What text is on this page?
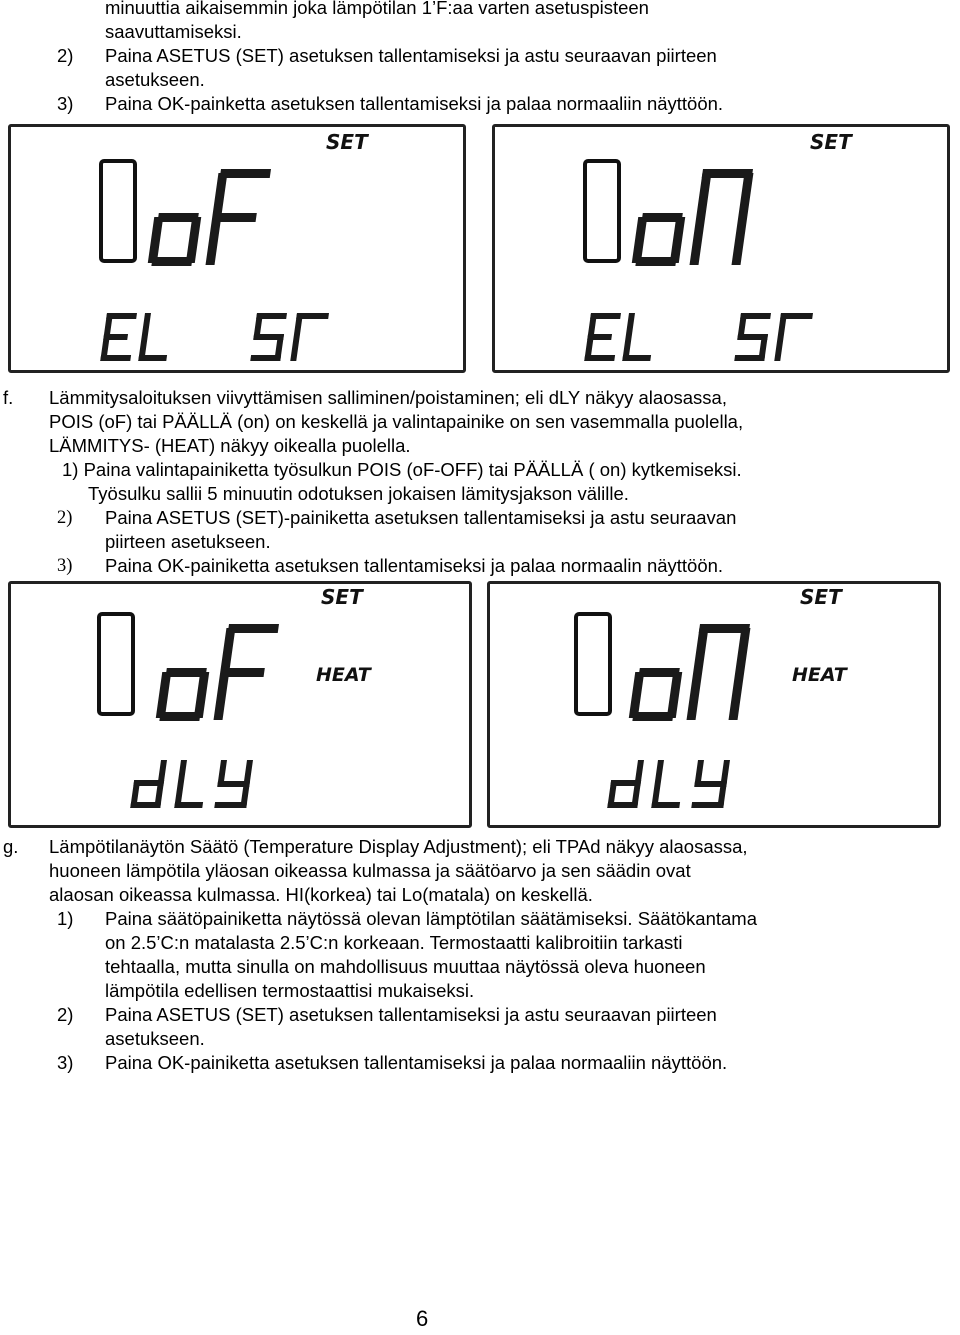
minuuttia aikaisemmin joka lämpötilan 1’F:aa varten asetuspisteen
saavuttamiseksi.
2) Paina ASETUS (SET) asetuksen tallentamiseksi ja astu seuraavan piirteen
asetukseen.
3) Paina OK-painketta asetuksen tallentamiseksi ja palaa normaaliin näyttöön.
SET	SET
f. Lämmitysaloituksen viivyttämisen salliminen/poistaminen; eli dLY näkyy alaosassa,
POIS (oF) tai PÄÄLLÄ (on) on keskellä ja valintapainike on sen vasemmalla puolella,
LÄMMITYS- (HEAT) näkyy oikealla puolella.
1) Paina valintapainiketta työsulkun POIS (oF-OFF) tai PÄÄLLÄ ( on) kytkemiseksi.
Työsulku sallii 5 minuutin odotuksen jokaisen lämitysjakson välille.
2) Paina ASETUS (SET)-painiketta asetuksen tallentamiseksi ja astu seuraavan
piirteen asetukseen.
3) Paina OK-painiketta asetuksen tallentamiseksi ja palaa normaalin näyttöön.
SET
HEAT
SET
HEAT
g. Lämpötilanäytön Säätö (Temperature Display Adjustment); eli TPAd näkyy alaosassa,
huoneen lämpötila yläosan oikeassa kulmassa ja säätöarvo ja sen säädin ovat
alaosan oikeassa kulmassa. HI(korkea) tai Lo(matala) on keskellä.
1) Paina säätöpainiketta näytössä olevan lämptötilan säätämiseksi. Säätökantama
on 2.5’C:n matalasta 2.5’C:n korkeaan. Termostaatti kalibroitiin tarkasti
tehtaalla, mutta sinulla on mahdollisuus muuttaa näytössä oleva huoneen
lämpötila edellisen termostaattisi mukaiseksi.
2) Paina ASETUS (SET) asetuksen tallentamiseksi ja astu seuraavan piirteen
asetukseen.
3) Paina OK-painiketta asetuksen tallentamiseksi ja palaa normaaliin näyttöön.
6
